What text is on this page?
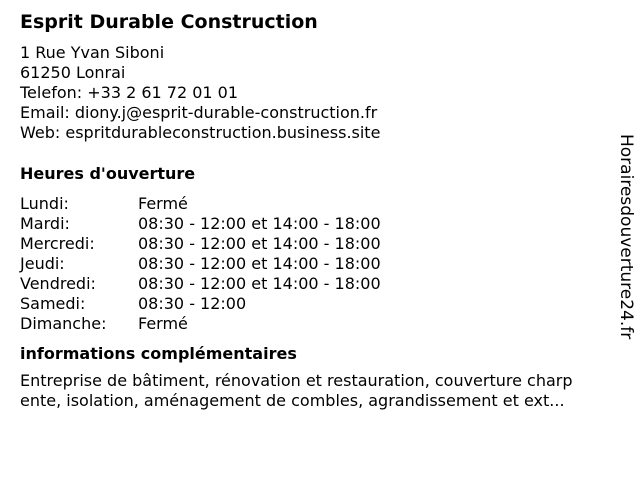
Esprit Durable Construction
1 Rue Yvan Siboni
61250 Lonrai
Telefon: +33 2 61 72 01 01
Email: diony.j@esprit-durable-construction.fr
Web: espritdurableconstruction.business.site
Heures d'ouverture
Lundi:	Fermé
Mardi:	08:30 - 12:00 et 14:00 - 18:00
Mercredi:	08:30 - 12:00 et 14:00 - 18:00
Jeudi:	08:30 - 12:00 et 14:00 - 18:00
Vendredi:	08:30 - 12:00 et 14:00 - 18:00
Samedi:	08:30 - 12:00
Dimanche:	Fermé
informations complémentaires
Entreprise de bâtiment, rénovation et restauration, couverture charp
ente, isolation, aménagement de combles, agrandissement et ext...
Horairesdouverture24.fr
